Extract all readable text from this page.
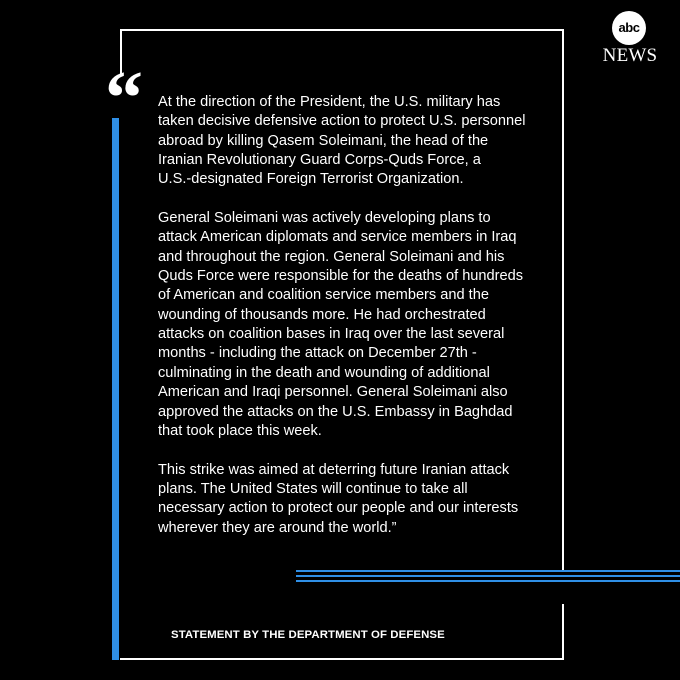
“ At the direction of the President, the U.S. military has
taken decisive defensive action to protect U.S. personnel
abroad by killing Qasem Soleimani, the head of the
Iranian Revolutionary Guard Corps-Quds Force, a
U.S.-designated Foreign Terrorist Organization.

General Soleimani was actively developing plans to
attack American diplomats and service members in Iraq
and throughout the region. General Soleimani and his
Quds Force were responsible for the deaths of hundreds
of American and coalition service members and the
wounding of thousands more. He had orchestrated
attacks on coalition bases in Iraq over the last several
months - including the attack on December 27th -
culminating in the death and wounding of additional
American and Iraqi personnel. General Soleimani also
approved the attacks on the U.S. Embassy in Baghdad
that took place this week.

This strike was aimed at deterring future Iranian attack
plans. The United States will continue to take all
necessary action to protect our people and our interests
wherever they are around the world.”

STATEMENT BY THE DEPARTMENT OF DEFENSE
abc
NEWS
